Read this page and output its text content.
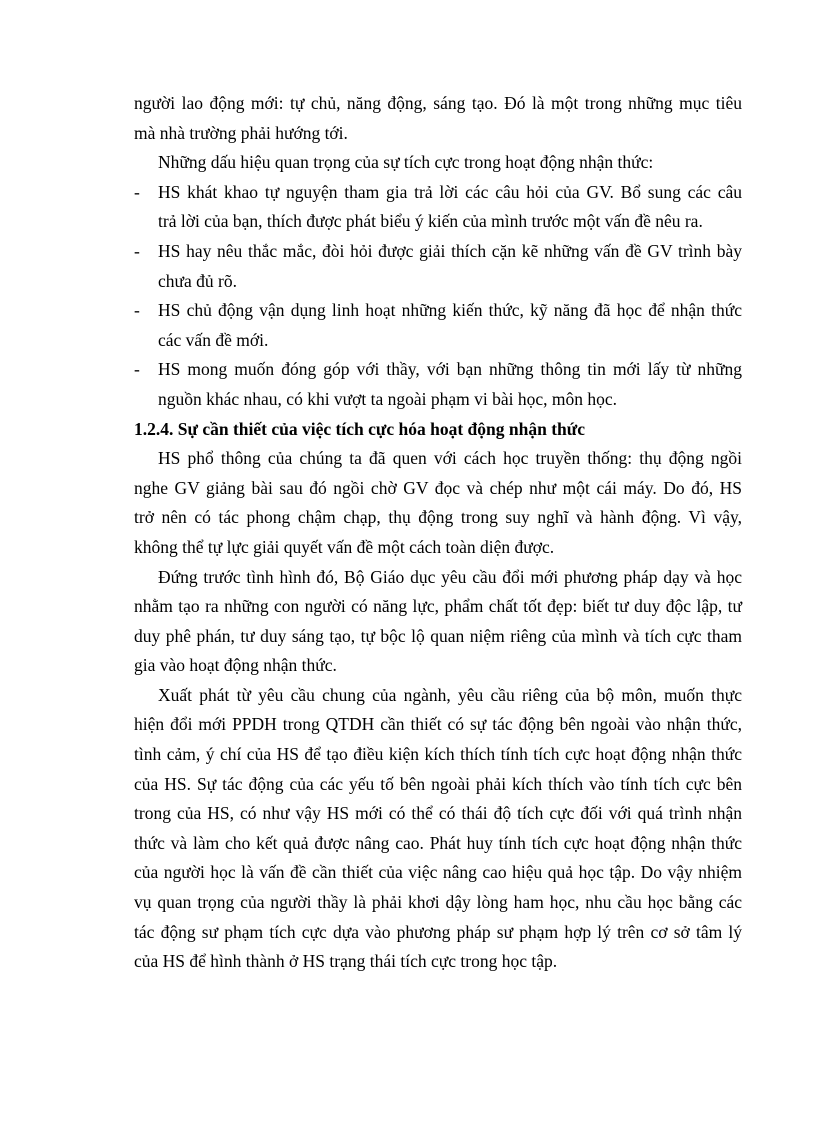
người lao động mới: tự chủ, năng động, sáng tạo. Đó là một trong những mục tiêu
mà nhà trường phải hướng tới.
Những dấu hiệu quan trọng của sự tích cực trong hoạt động nhận thức:
-	HS khát khao tự nguyện tham gia trả lời các câu hỏi của GV. Bổ sung các câu
trả lời của bạn, thích được phát biểu ý kiến của mình trước một vấn đề nêu ra.
-	HS hay nêu thắc mắc, đòi hỏi được giải thích cặn kẽ những vấn đề GV trình bày
chưa đủ rõ.
-	HS chủ động vận dụng linh hoạt những kiến thức, kỹ năng đã học để nhận thức
các vấn đề mới.
-	HS mong muốn đóng góp với thầy, với bạn những thông tin mới lấy từ những
nguồn khác nhau, có khi vượt ta ngoài phạm vi bài học, môn học.
1.2.4. Sự cần thiết của việc tích cực hóa hoạt động nhận thức
HS phổ thông của chúng ta đã quen với cách học truyền thống: thụ động ngồi
nghe GV giảng bài sau đó ngồi chờ GV đọc và chép như một cái máy. Do đó, HS
trở nên có tác phong chậm chạp, thụ động trong suy nghĩ và hành động. Vì vậy,
không thể tự lực giải quyết vấn đề một cách toàn diện được.
Đứng trước tình hình đó, Bộ Giáo dục yêu cầu đổi mới phương pháp dạy và học
nhằm tạo ra những con người có năng lực, phẩm chất tốt đẹp: biết tư duy độc lập, tư
duy phê phán, tư duy sáng tạo, tự bộc lộ quan niệm riêng của mình và tích cực tham
gia vào hoạt động nhận thức.
Xuất phát từ yêu cầu chung của ngành, yêu cầu riêng của bộ môn, muốn thực
hiện đổi mới PPDH trong QTDH cần thiết có sự tác động bên ngoài vào nhận thức,
tình cảm, ý chí của HS để tạo điều kiện kích thích tính tích cực hoạt động nhận thức
của HS. Sự tác động của các yếu tố bên ngoài phải kích thích vào tính tích cực bên
trong của HS, có như vậy HS mới có thể có thái độ tích cực đối với quá trình nhận
thức và làm cho kết quả được nâng cao. Phát huy tính tích cực hoạt động nhận thức
của người học là vấn đề cần thiết của việc nâng cao hiệu quả học tập. Do vậy nhiệm
vụ quan trọng của người thầy là phải khơi dậy lòng ham học, nhu cầu học bằng các
tác động sư phạm tích cực dựa vào phương pháp sư phạm hợp lý trên cơ sở tâm lý
của HS để hình thành ở HS trạng thái tích cực trong học tập.
